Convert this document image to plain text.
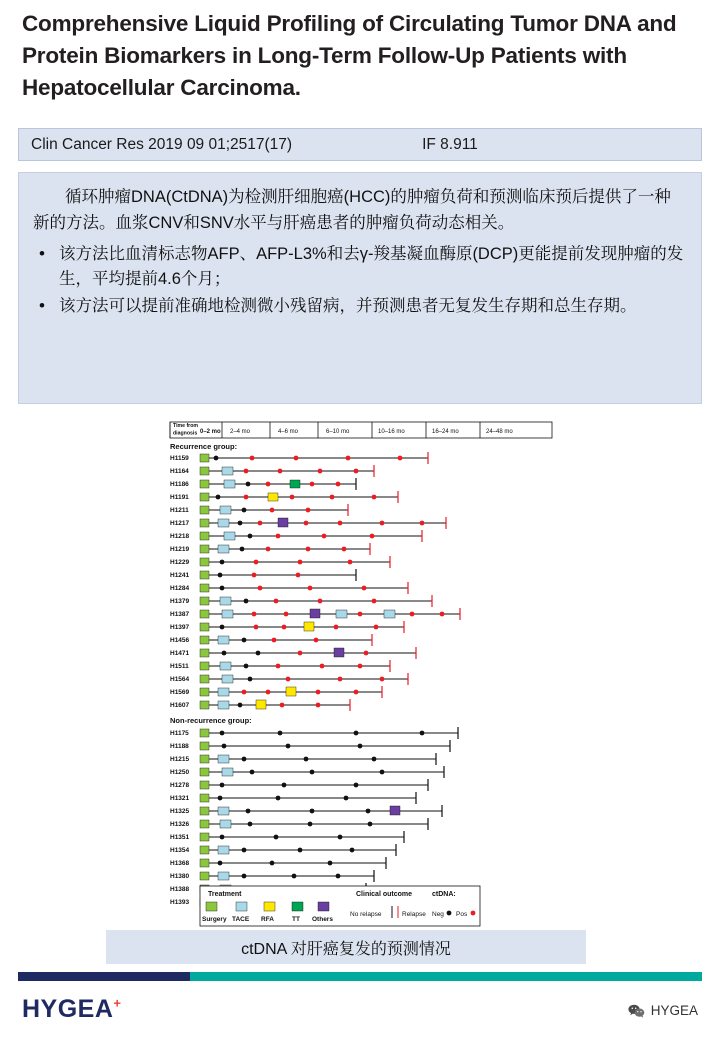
Comprehensive Liquid Profiling of Circulating Tumor DNA and Protein Biomarkers in Long-Term Follow-Up Patients with Hepatocellular Carcinoma.
Clin Cancer Res 2019 09 01;2517(17)	IF 8.911

循环肿瘤DNA(CtDNA)为检测肝细胞癌(HCC)的肿瘤负荷和预测临床预后提供了一种新的方法。血浆CNV和SNV水平与肝癌患者的肿瘤负荷动态相关。

• 该方法比血清标志物AFP、AFP-L3%和去γ-羧基凝血酶原(DCP)更能提前发现肿瘤的发生，平均提前4.6个月；
• 该方法可以提前准确地检测微小残留病，并预测患者无复发生存期和总生存期。
Time from
diagnosis 0–2 mo 2–4 mo	4–6 mo	6–10 mo	10–16 mo	16–24 mo	24–48 mo
Recurrence group:
H1159
H1164
H1186
H1191
H1211
H1217
H1218
H1219
H1229
H1241
H1284
H1379
H1387
H1397
H1456
H1471
H1511
H1564
H1569
H1607
Non-recurrence group:
H1175
H1188
H1215
H1250
H1278
H1321
H1325
H1326
H1351
H1354
H1368
H1380
H1388
H1393
Treatment	Clinical outcome	ctDNA:
Surgery TACE RFA	TT Others
No relapse	Relapse Neg Pos
ctDNA 对肝癌复发的预测情况
HYGEA+	HYGEA
